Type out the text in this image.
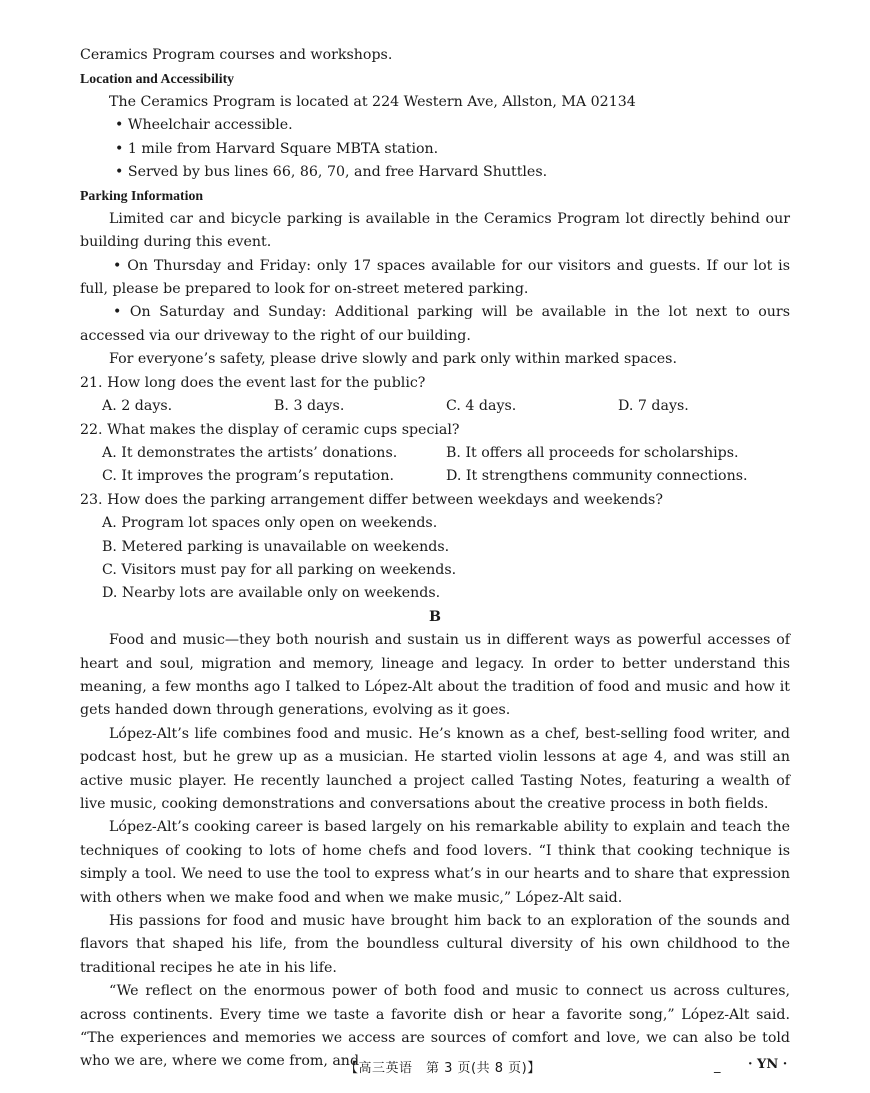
Ceramics Program courses and workshops.

Location and Accessibility

The Ceramics Program is located at 224 Western Ave, Allston, MA 02134

• Wheelchair accessible.

• 1 mile from Harvard Square MBTA station.

• Served by bus lines 66, 86, 70, and free Harvard Shuttles.

Parking Information

Limited car and bicycle parking is available in the Ceramics Program lot directly behind our building during this event.

• On Thursday and Friday: only 17 spaces available for our visitors and guests. If our lot is full, please be prepared to look for on-street metered parking.

• On Saturday and Sunday: Additional parking will be available in the lot next to ours accessed via our driveway to the right of our building.

For everyone’s safety, please drive slowly and park only within marked spaces.

21. How long does the event last for the public?

A. 2 days.	B. 3 days.	C. 4 days.	D. 7 days.

22. What makes the display of ceramic cups special?

A. It demonstrates the artists’ donations.	B. It offers all proceeds for scholarships.
C. It improves the program’s reputation.	D. It strengthens community connections.

23. How does the parking arrangement differ between weekdays and weekends?

A. Program lot spaces only open on weekends.

B. Metered parking is unavailable on weekends.

C. Visitors must pay for all parking on weekends.

D. Nearby lots are available only on weekends.

B

Food and music—they both nourish and sustain us in different ways as powerful accesses of heart and soul, migration and memory, lineage and legacy. In order to better understand this meaning, a few months ago I talked to López-Alt about the tradition of food and music and how it gets handed down through generations, evolving as it goes.

López-Alt’s life combines food and music. He’s known as a chef, best-selling food writer, and podcast host, but he grew up as a musician. He started violin lessons at age 4, and was still an active music player. He recently launched a project called Tasting Notes, featuring a wealth of live music, cooking demonstrations and conversations about the creative process in both fields.

López-Alt’s cooking career is based largely on his remarkable ability to explain and teach the techniques of cooking to lots of home chefs and food lovers. “I think that cooking technique is simply a tool. We need to use the tool to express what’s in our hearts and to share that expression with others when we make food and when we make music,” López-Alt said.

His passions for food and music have brought him back to an exploration of the sounds and flavors that shaped his life, from the boundless cultural diversity of his own childhood to the traditional recipes he ate in his life.

“We reflect on the enormous power of both food and music to connect us across cultures, across continents. Every time we taste a favorite dish or hear a favorite song,” López-Alt said. “The experiences and memories we access are sources of comfort and love, we can also be told who we are, where we come from, and

【高三英语　第 3 页(共 8 页)】	_ · YN ·
